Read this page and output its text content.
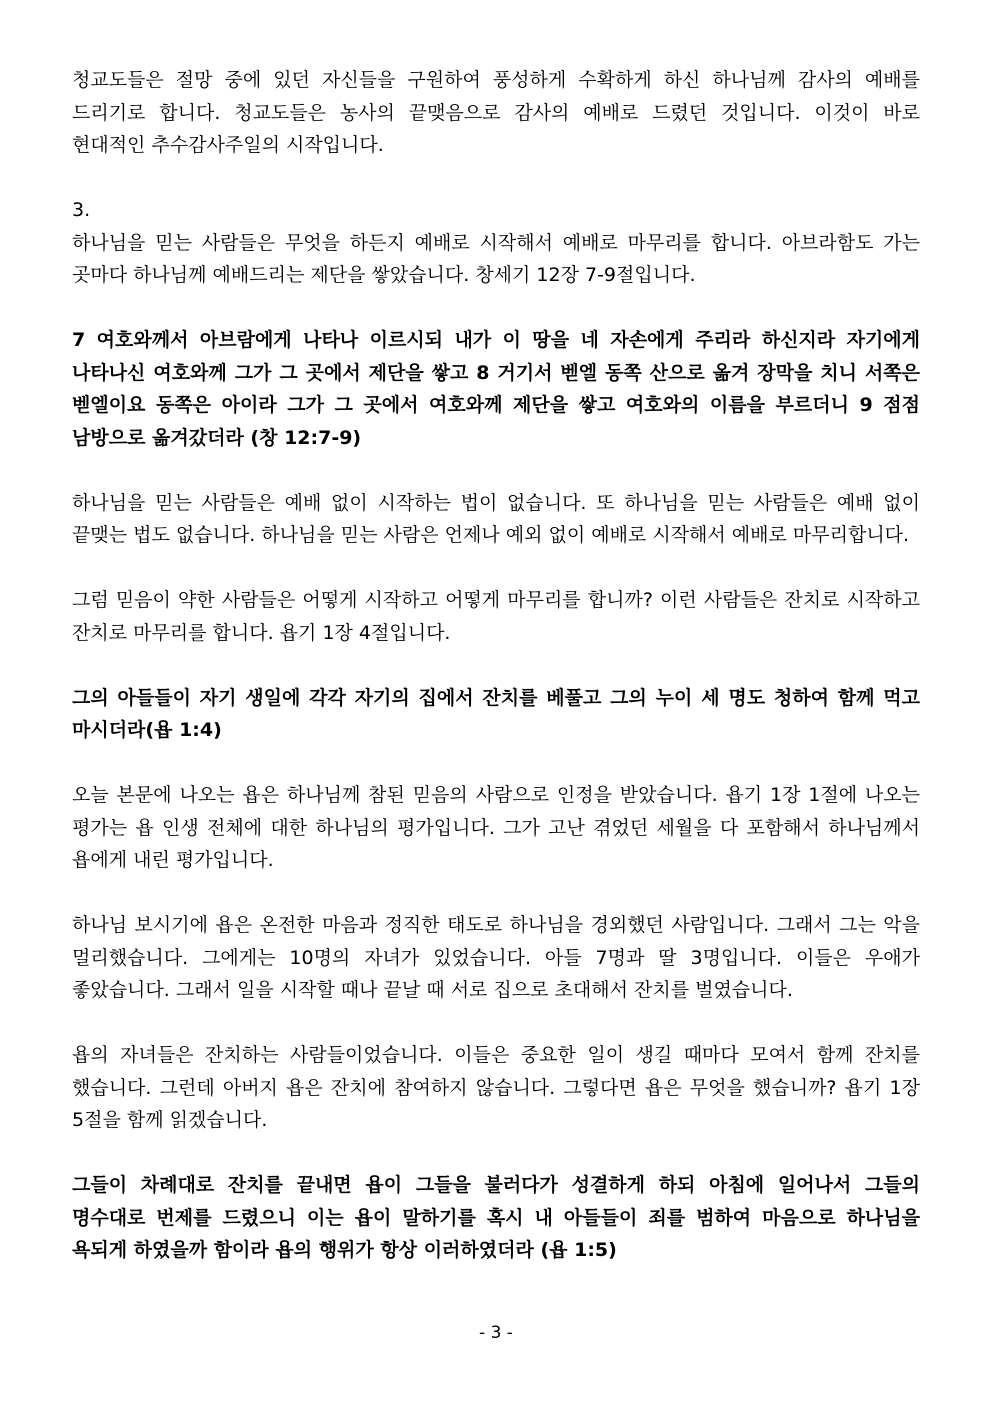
청교도들은 절망 중에 있던 자신들을 구원하여 풍성하게 수확하게 하신 하나님께 감사의 예배를 드리기로 합니다. 청교도들은 농사의 끝맺음으로 감사의 예배로 드렸던 것입니다. 이것이 바로 현대적인 추수감사주일의 시작입니다.

3.
하나님을 믿는 사람들은 무엇을 하든지 예배로 시작해서 예배로 마무리를 합니다. 아브라함도 가는 곳마다 하나님께 예배드리는 제단을 쌓았습니다. 창세기 12장 7-9절입니다.

7 여호와께서 아브람에게 나타나 이르시되 내가 이 땅을 네 자손에게 주리라 하신지라 자기에게 나타나신 여호와께 그가 그 곳에서 제단을 쌓고 8 거기서 벧엘 동쪽 산으로 옮겨 장막을 치니 서쪽은 벧엘이요 동쪽은 아이라 그가 그 곳에서 여호와께 제단을 쌓고 여호와의 이름을 부르더니 9 점점 남방으로 옮겨갔더라 (창 12:7-9)

하나님을 믿는 사람들은 예배 없이 시작하는 법이 없습니다. 또 하나님을 믿는 사람들은 예배 없이 끝맺는 법도 없습니다. 하나님을 믿는 사람은 언제나 예외 없이 예배로 시작해서 예배로 마무리합니다.

그럼 믿음이 약한 사람들은 어떻게 시작하고 어떻게 마무리를 합니까? 이런 사람들은 잔치로 시작하고 잔치로 마무리를 합니다. 욥기 1장 4절입니다.

그의 아들들이 자기 생일에 각각 자기의 집에서 잔치를 베풀고 그의 누이 세 명도 청하여 함께 먹고 마시더라(욥 1:4)

오늘 본문에 나오는 욥은 하나님께 참된 믿음의 사람으로 인정을 받았습니다. 욥기 1장 1절에 나오는 평가는 욥 인생 전체에 대한 하나님의 평가입니다. 그가 고난 겪었던 세월을 다 포함해서 하나님께서 욥에게 내린 평가입니다.

하나님 보시기에 욥은 온전한 마음과 정직한 태도로 하나님을 경외했던 사람입니다. 그래서 그는 악을 멀리했습니다. 그에게는 10명의 자녀가 있었습니다. 아들 7명과 딸 3명입니다. 이들은 우애가 좋았습니다. 그래서 일을 시작할 때나 끝날 때 서로 집으로 초대해서 잔치를 벌였습니다.

욥의 자녀들은 잔치하는 사람들이었습니다. 이들은 중요한 일이 생길 때마다 모여서 함께 잔치를 했습니다. 그런데 아버지 욥은 잔치에 참여하지 않습니다. 그렇다면 욥은 무엇을 했습니까? 욥기 1장 5절을 함께 읽겠습니다.

그들이 차례대로 잔치를 끝내면 욥이 그들을 불러다가 성결하게 하되 아침에 일어나서 그들의 명수대로 번제를 드렸으니 이는 욥이 말하기를 혹시 내 아들들이 죄를 범하여 마음으로 하나님을 욕되게 하였을까 함이라 욥의 행위가 항상 이러하였더라 (욥 1:5)

- 3 -
